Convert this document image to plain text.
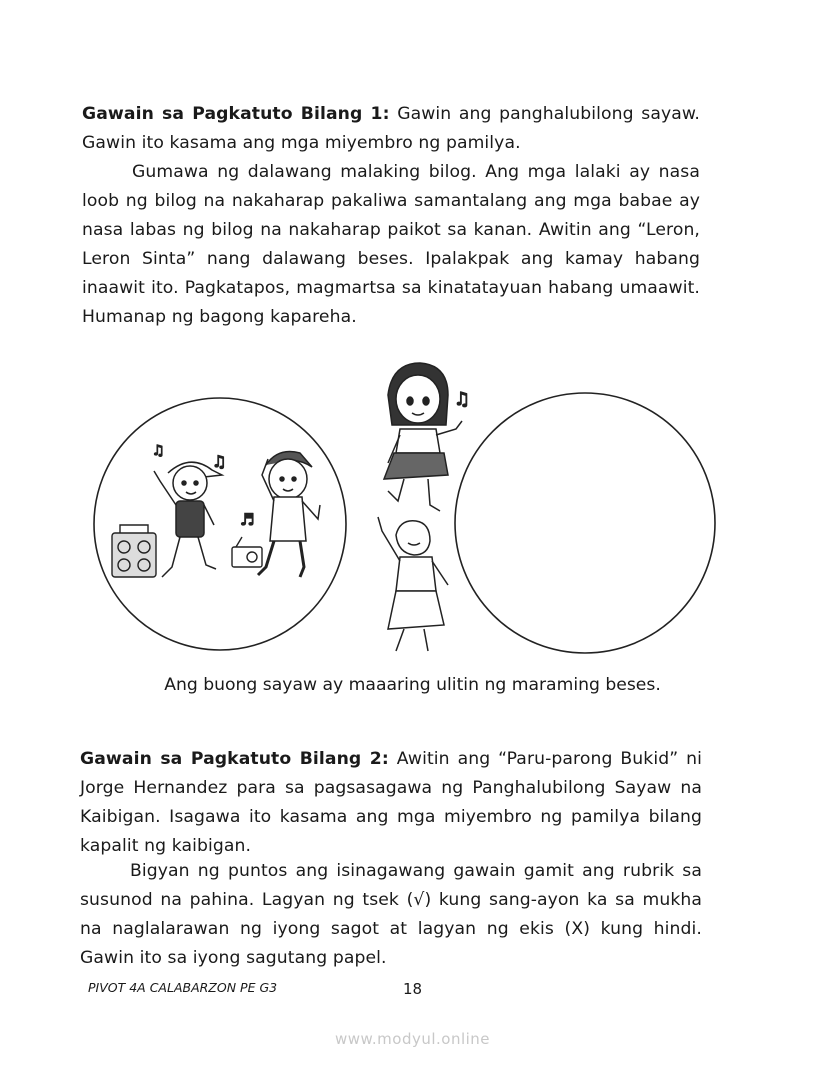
Gawain sa Pagkatuto Bilang 1: Gawin ang panghalubilong sayaw. Gawin ito kasama ang mga miyembro ng pamilya.
Gumawa ng dalawang malaking bilog. Ang mga lalaki ay nasa loob ng bilog na nakaharap pakaliwa samantalang ang mga babae ay nasa labas ng bilog na nakaharap paikot sa kanan. Awitin ang “Leron, Leron Sinta” nang dalawang beses. Ipalakpak ang kamay habang inaawit ito. Pagkatapos, magmartsa sa kinatatayuan habang umaawit. Humanap ng bagong kapareha.
♫
♫
♫
♬
Ang buong sayaw ay maaaring ulitin ng maraming beses.
Gawain sa Pagkatuto Bilang 2: Awitin ang “Paru-parong Bukid” ni Jorge Hernandez para sa pagsasagawa ng Panghalubilong Sayaw na Kaibigan. Isagawa ito kasama ang mga miyembro ng pamilya bilang kapalit ng kaibigan.
Bigyan ng puntos ang isinagawang gawain gamit ang rubrik sa susunod na pahina. Lagyan ng tsek (√) kung sang-ayon ka sa mukha na naglalarawan ng iyong sagot at lagyan ng ekis (X) kung hindi. Gawin ito sa iyong sagutang papel.
PIVOT 4A CALABARZON PE G3	18
www.modyul.online
